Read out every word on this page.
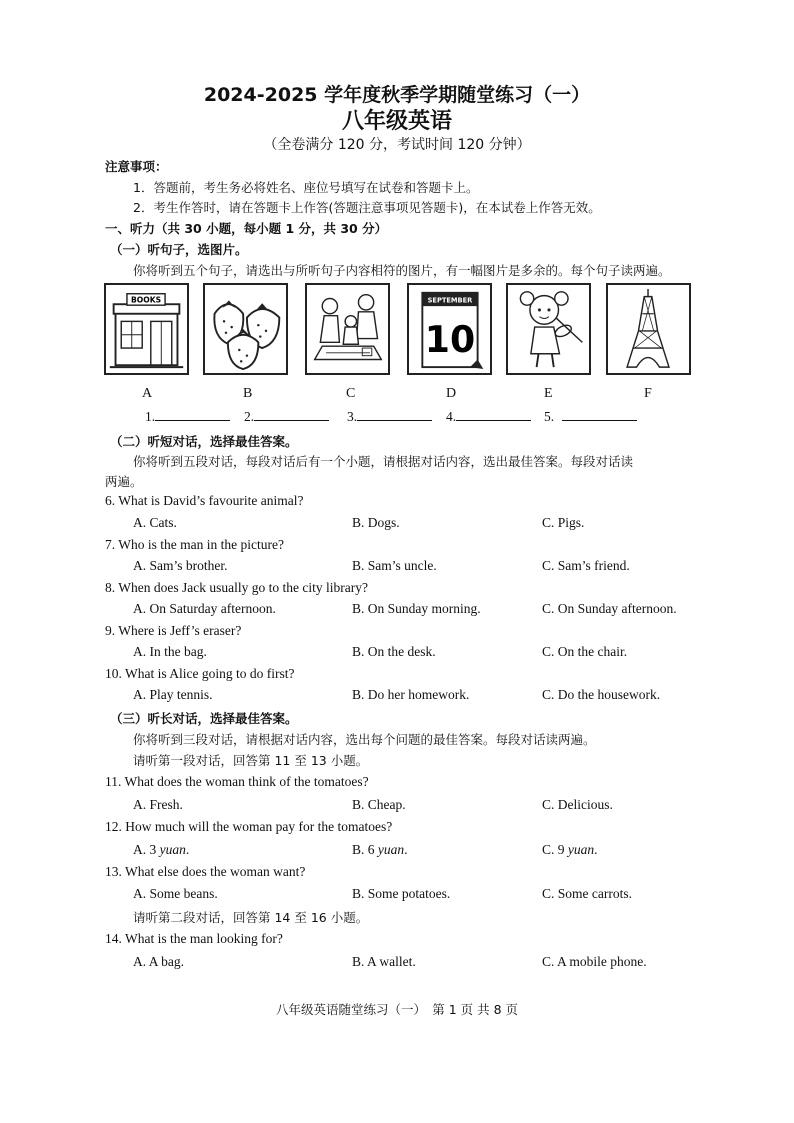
2024-2025 学年度秋季学期随堂练习（一）
八年级英语
（全卷满分 120 分，考试时间 120 分钟）
注意事项：
1．答题前，考生务必将姓名、座位号填写在试卷和答题卡上。
2．考生作答时，请在答题卡上作答(答题注意事项见答题卡)，在本试卷上作答无效。
一、听力（共 30 小题，每小题 1 分，共 30 分）
（一）听句子，选图片。
你将听到五个句子，请选出与所听句子内容相符的图片，有一幅图片是多余的。每个句子读两遍。
BOOKS	SEPTEMBER
10
A	B	C	D	E	F
1.	2.	3.	4.	5.
（二）听短对话，选择最佳答案。
你将听到五段对话，每段对话后有一个小题，请根据对话内容，选出最佳答案。每段对话读
两遍。
6. What is David’s favourite animal?
A. Cats.	B. Dogs.	C. Pigs.
7. Who is the man in the picture?
A. Sam’s brother.	B. Sam’s uncle.	C. Sam’s friend.
8. When does Jack usually go to the city library?
A. On Saturday afternoon.	B. On Sunday morning.	C. On Sunday afternoon.
9. Where is Jeff’s eraser?
A. In the bag.	B. On the desk.	C. On the chair.
10. What is Alice going to do first?
A. Play tennis.	B. Do her homework.	C. Do the housework.
（三）听长对话，选择最佳答案。
你将听到三段对话，请根据对话内容，选出每个问题的最佳答案。每段对话读两遍。
请听第一段对话，回答第 11 至 13 小题。
11. What does the woman think of the tomatoes?
A. Fresh.	B. Cheap.	C. Delicious.
12. How much will the woman pay for the tomatoes?
A. 3 yuan.	B. 6 yuan.	C. 9 yuan.
13. What else does the woman want?
A. Some beans.	B. Some potatoes.	C. Some carrots.
请听第二段对话，回答第 14 至 16 小题。
14. What is the man looking for?
A. A bag.	B. A wallet.	C. A mobile phone.
八年级英语随堂练习（一）　第 1 页 共 8 页
